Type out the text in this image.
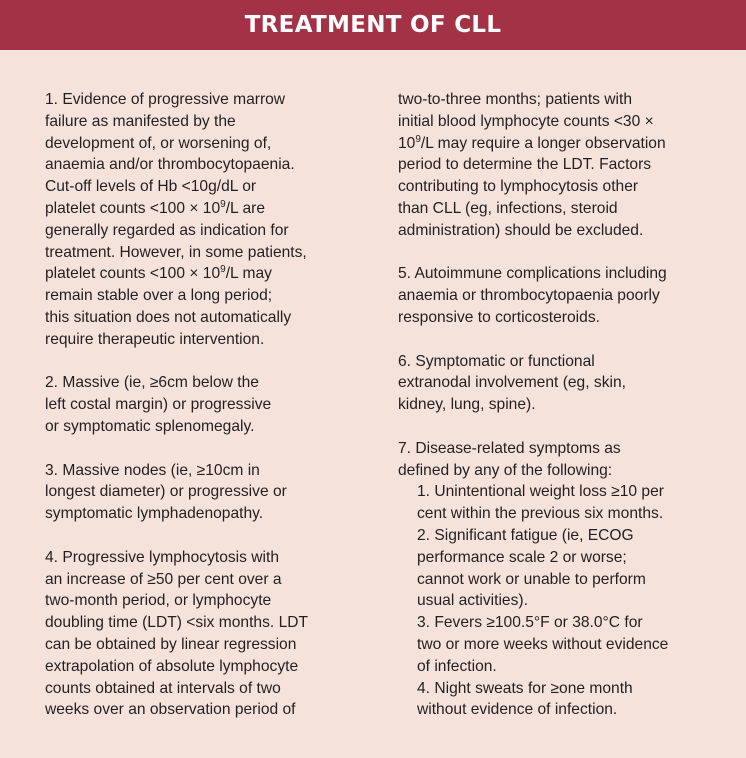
TREATMENT OF CLL
1. Evidence of progressive marrow
failure as manifested by the
development of, or worsening of,
anaemia and/or thrombocytopaenia.
Cut-off levels of Hb <10g/dL or
platelet counts $<100 \times 10^9/L$ are
generally regarded as indication for
treatment. However, in some patients,
platelet counts $<100 \times 10^9/L$ may
remain stable over a long period;
this situation does not automatically
require therapeutic intervention.
2. Massive (ie, ≥6cm below the
left costal margin) or progressive
or symptomatic splenomegaly.
3. Massive nodes (ie, ≥10cm in
longest diameter) or progressive or
symptomatic lymphadenopathy.
4. Progressive lymphocytosis with
an increase of ≥50 per cent over a
two-month period, or lymphocyte
doubling time (LDT) <six months. LDT
can be obtained by linear regression
extrapolation of absolute lymphocyte
counts obtained at intervals of two
weeks over an observation period of
two-to-three months; patients with
initial blood lymphocyte counts <30 ×
$10^9/L$ may require a longer observation
period to determine the LDT. Factors
contributing to lymphocytosis other
than CLL (eg, infections, steroid
administration) should be excluded.
5. Autoimmune complications including
anaemia or thrombocytopaenia poorly
responsive to corticosteroids.
6. Symptomatic or functional
extranodal involvement (eg, skin,
kidney, lung, spine).
7. Disease-related symptoms as
defined by any of the following:
1. Unintentional weight loss ≥10 per
cent within the previous six months.
2. Significant fatigue (ie, ECOG
performance scale 2 or worse;
cannot work or unable to perform
usual activities).
3. Fevers ≥100.5°F or 38.0°C for
two or more weeks without evidence
of infection.
4. Night sweats for ≥one month
without evidence of infection.
